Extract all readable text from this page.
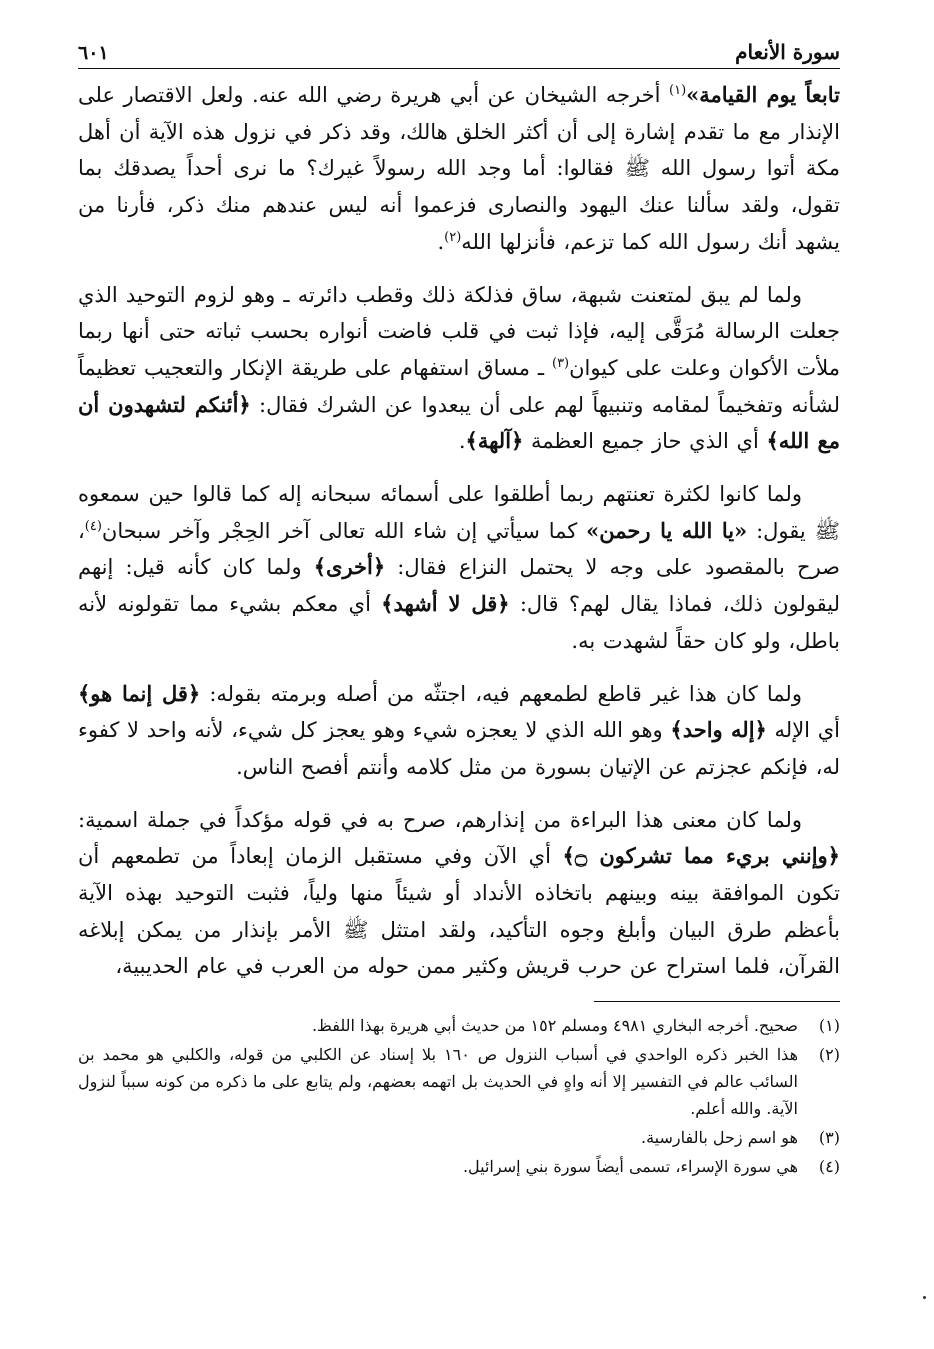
سورة الأنعام
٦٠١

تابعاً يوم القيامة»$^{(١)}$ أخرجه الشيخان عن أبي هريرة رضي الله عنه. ولعل الاقتصار على الإنذار مع ما تقدم إشارة إلى أن أكثر الخلق هالك، وقد ذكر في نزول هذه الآية أن أهل مكة أتوا رسول الله ﷺ فقالوا: أما وجد الله رسولاً غيرك؟ ما نرى أحداً يصدقك بما تقول، ولقد سألنا عنك اليهود والنصارى فزعموا أنه ليس عندهم منك ذكر، فأرنا من يشهد أنك رسول الله كما تزعم، فأنزلها الله$^{(٢)}$.

ولما لم يبق لمتعنت شبهة، ساق فذلكة ذلك وقطب دائرته ـ وهو لزوم التوحيد الذي جعلت الرسالة مُرَقَّى إليه، فإذا ثبت في قلب فاضت أنواره بحسب ثباته حتى أنها ربما ملأت الأكوان وعلت على كيوان$^{(٣)}$ ـ مساق استفهام على طريقة الإنكار والتعجيب تعظيماً لشأنه وتفخيماً لمقامه وتنبيهاً لهم على أن يبعدوا عن الشرك فقال: ﴿أئنكم لتشهدون أن مع الله﴾ أي الذي حاز جميع العظمة ﴿آلهة﴾.

ولما كانوا لكثرة تعنتهم ربما أطلقوا على أسمائه سبحانه إله كما قالوا حين سمعوه ﷺ يقول: «يا الله يا رحمن» كما سيأتي إن شاء الله تعالى آخر الحِجْر وآخر سبحان$^{(٤)}$، صرح بالمقصود على وجه لا يحتمل النزاع فقال: ﴿أخرى﴾ ولما كان كأنه قيل: إنهم ليقولون ذلك، فماذا يقال لهم؟ قال: ﴿قل لا أشهد﴾ أي معكم بشيء مما تقولونه لأنه باطل، ولو كان حقاً لشهدت به.

ولما كان هذا غير قاطع لطمعهم فيه، اجتثّه من أصله وبرمته بقوله: ﴿قل إنما هو﴾ أي الإله ﴿إله واحد﴾ وهو الله الذي لا يعجزه شيء وهو يعجز كل شيء، لأنه واحد لا كفوء له، فإنكم عجزتم عن الإتيان بسورة من مثل كلامه وأنتم أفصح الناس.

ولما كان معنى هذا البراءة من إنذارهم، صرح به في قوله مؤكداً في جملة اسمية: ﴿وإنني بريء مما تشركون ۝﴾ أي الآن وفي مستقبل الزمان إبعاداً من تطمعهم أن تكون الموافقة بينه وبينهم باتخاذه الأنداد أو شيئاً منها ولياً، فثبت التوحيد بهذه الآية بأعظم طرق البيان وأبلغ وجوه التأكيد، ولقد امتثل ﷺ الأمر بإنذار من يمكن إبلاغه القرآن، فلما استراح عن حرب قريش وكثير ممن حوله من العرب في عام الحديبية،

(١)
صحيح. أخرجه البخاري ٤٩٨١ ومسلم ١٥٢ من حديث أبي هريرة بهذا اللفظ.
(٢)
هذا الخبر ذكره الواحدي في أسباب النزول ص ١٦٠ بلا إسناد عن الكلبي من قوله، والكلبي هو محمد بن السائب عالم في التفسير إلا أنه واهٍ في الحديث بل اتهمه بعضهم، ولم يتابع على ما ذكره من كونه سبباً لنزول الآية. والله أعلم.
(٣)
هو اسم زحل بالفارسية.
(٤)
هي سورة الإسراء، تسمى أيضاً سورة بني إسرائيل.
